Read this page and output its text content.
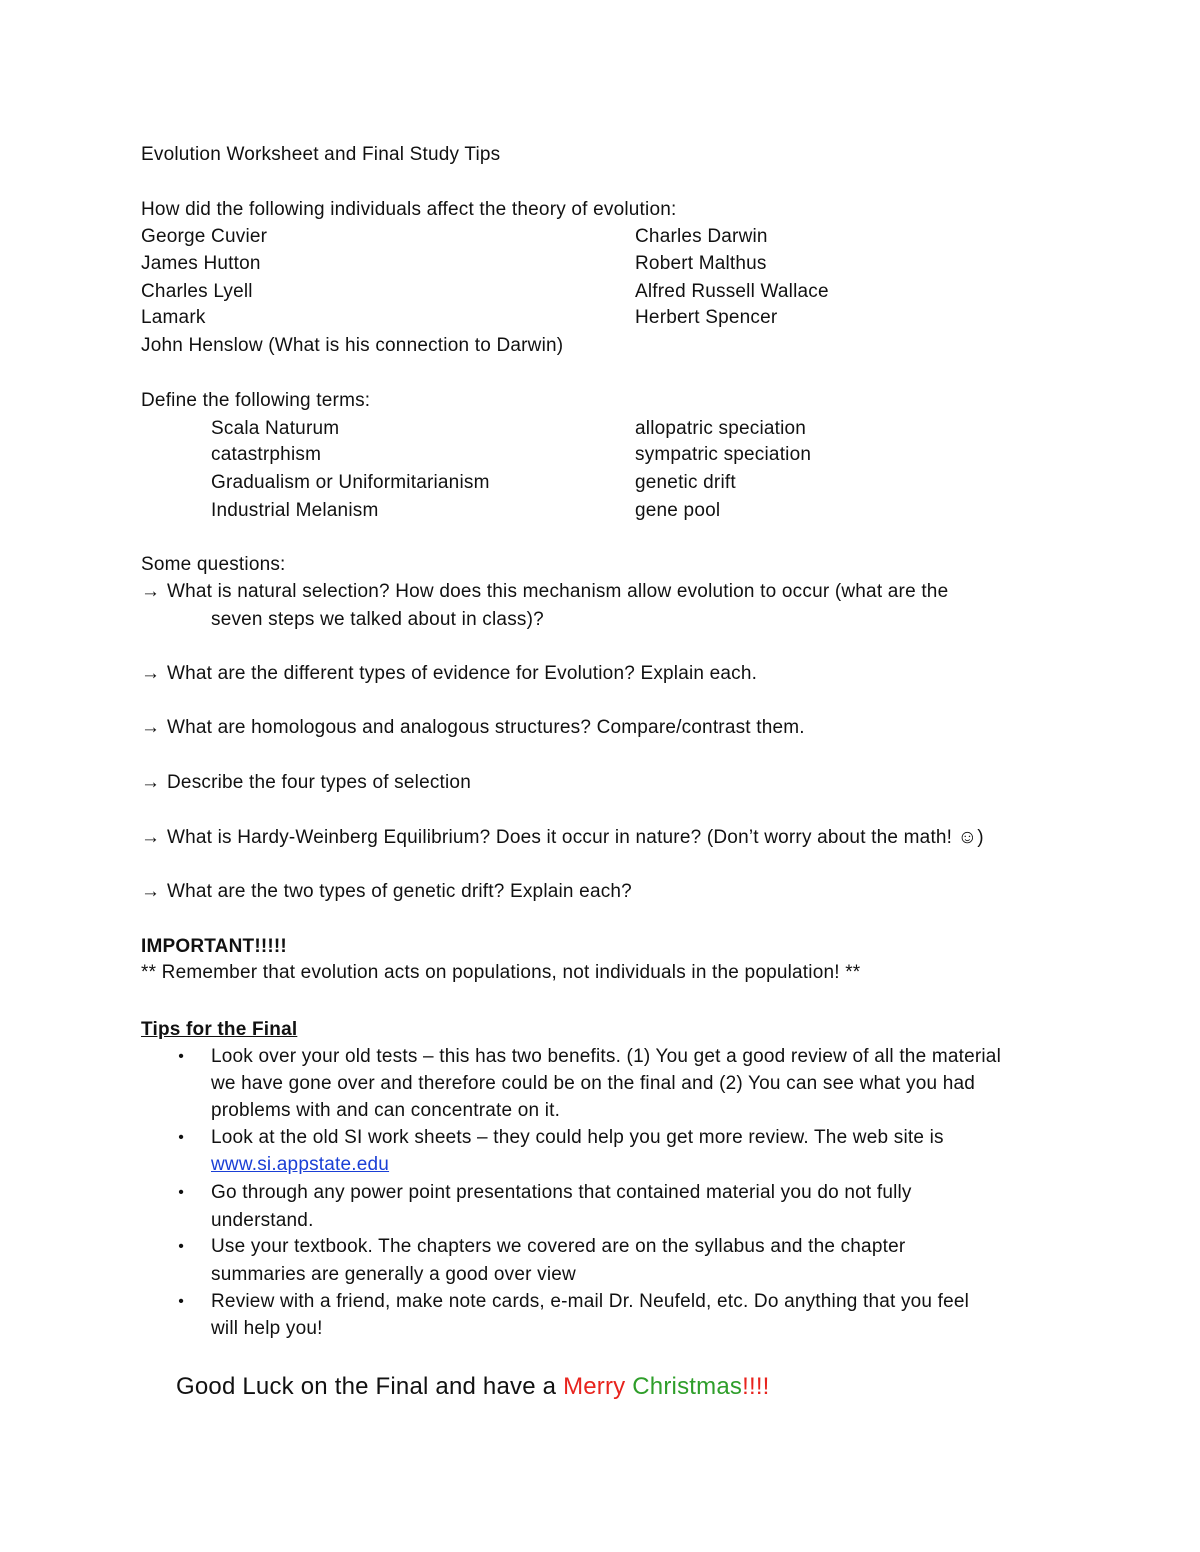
Evolution Worksheet and Final Study Tips
How did the following individuals affect the theory of evolution:
George Cuvier
James Hutton
Charles Lyell
Lamark
John Henslow (What is his connection to Darwin)
Charles Darwin
Robert Malthus
Alfred Russell Wallace
Herbert Spencer
Define the following terms:
Scala Naturum
catastrphism
Gradualism or Uniformitarianism
Industrial Melanism
allopatric speciation
sympatric speciation
genetic drift
gene pool
Some questions:
→ What is natural selection? How does this mechanism allow evolution to occur (what are the
seven steps we talked about in class)?
→ What are the different types of evidence for Evolution? Explain each.
→ What are homologous and analogous structures? Compare/contrast them.
→ Describe the four types of selection
→ What is Hardy-Weinberg Equilibrium? Does it occur in nature? (Don’t worry about the math! ☺)
→ What are the two types of genetic drift? Explain each?
IMPORTANT!!!!!
** Remember that evolution acts on populations, not individuals in the population! **
Tips for the Final
• Look over your old tests – this has two benefits. (1) You get a good review of all the material
we have gone over and therefore could be on the final and (2) You can see what you had
problems with and can concentrate on it.
• Look at the old SI work sheets – they could help you get more review. The web site is
www.si.appstate.edu
• Go through any power point presentations that contained material you do not fully
understand.
• Use your textbook. The chapters we covered are on the syllabus and the chapter
summaries are generally a good over view
• Review with a friend, make note cards, e-mail Dr. Neufeld, etc. Do anything that you feel
will help you!
Good Luck on the Final and have a Merry Christmas!!!!
